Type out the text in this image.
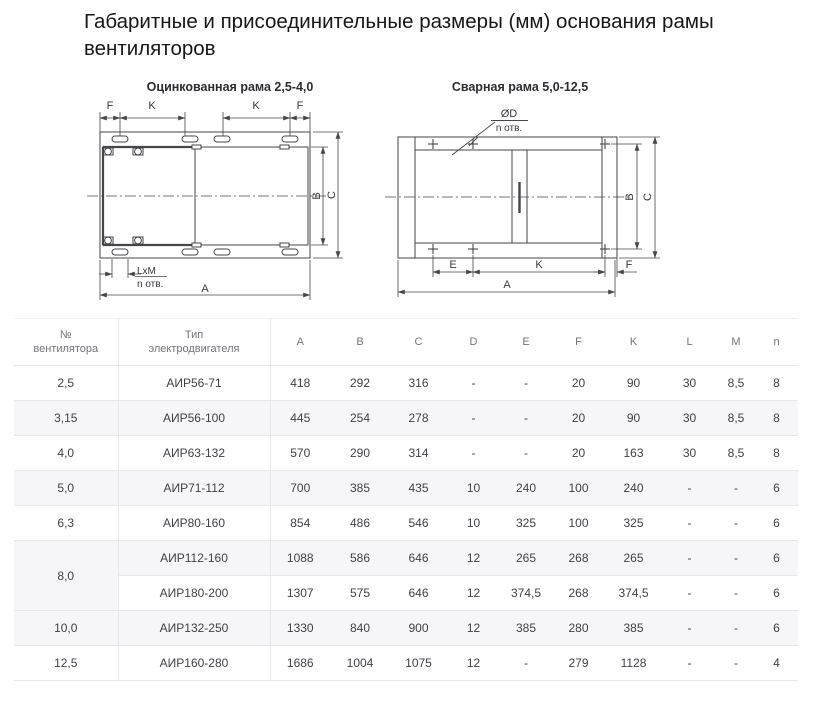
Габаритные и присоединительные размеры (мм) основания рамы
вентиляторов
Оцинкованная рама 2,5-4,0	Сварная рама 5,0-12,5
F	K	K	F
B C
LxM
n отв.	A
ØD
n отв.
B C
E	K	F
A
№
вентилятора	Тип
электродвигателя	A	B	C	D	E	F	K	L	M	n
2,5	АИР56-71	418	292	316	-	-	20	90	30	8,5	8
3,15	АИР56-100	445	254	278	-	-	20	90	30	8,5	8
4,0	АИР63-132	570	290	314	-	-	20	163	30	8,5	8
5,0	АИР71-112	700	385	435	10	240	100	240	-	-	6
6,3	АИР80-160	854	486	546	10	325	100	325	-	-	6
8,0	АИР112-160	1088	586	646	12	265	268	265	-	-	6
	АИР180-200	1307	575	646	12	374,5	268	374,5	-	-	6
10,0	АИР132-250	1330	840	900	12	385	280	385	-	-	6
12,5	АИР160-280	1686	1004	1075	12	-	279	1128	-	-	4
